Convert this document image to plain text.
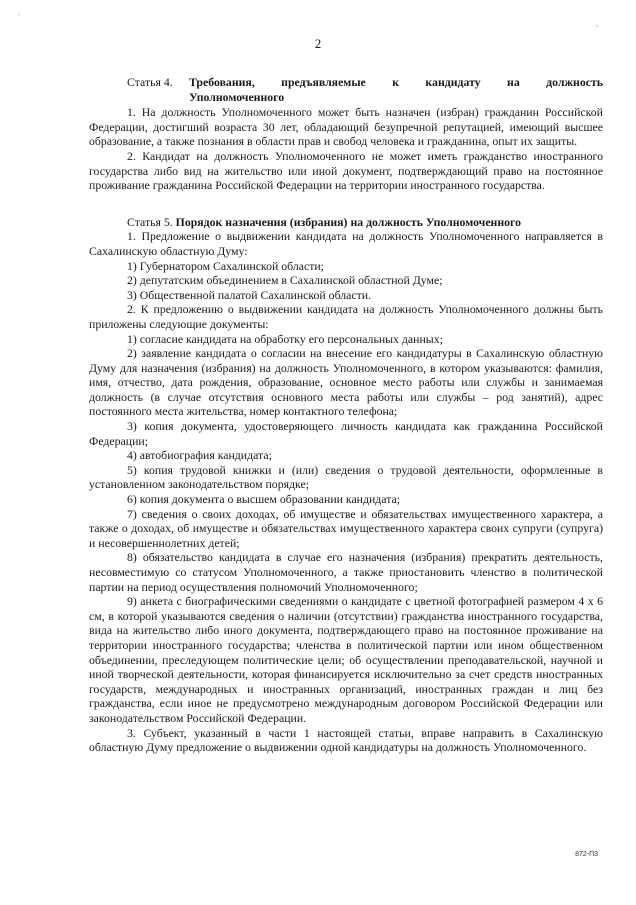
'
,
2
Статья 4.	Требования, предъявляемые к кандидату на должность
Уполномоченного

1. На должность Уполномоченного может быть назначен (избран) гражданин Российской Федерации, достигший возраста 30 лет, обладающий безупречной репутацией, имеющий высшее образование, а также познания в области прав и свобод человека и гражданина, опыт их защиты.

2. Кандидат на должность Уполномоченного не может иметь гражданство иностранного государства либо вид на жительство или иной документ, подтверждающий право на постоянное проживание гражданина Российской Федерации на территории иностранного государства.

Статья 5. Порядок назначения (избрания) на должность Уполномоченного

1. Предложение о выдвижении кандидата на должность Уполномоченного направляется в Сахалинскую областную Думу:

1) Губернатором Сахалинской области;

2) депутатским объединением в Сахалинской областной Думе;

3) Общественной палатой Сахалинской области.

2. К предложению о выдвижении кандидата на должность Уполномоченного должны быть приложены следующие документы:

1) согласие кандидата на обработку его персональных данных;

2) заявление кандидата о согласии на внесение его кандидатуры в Сахалинскую областную Думу для назначения (избрания) на должность Уполномоченного, в котором указываются: фамилия, имя, отчество, дата рождения, образование, основное место работы или службы и занимаемая должность (в случае отсутствия основного места работы или службы – род занятий), адрес постоянного места жительства, номер контактного телефона;

3) копия документа, удостоверяющего личность кандидата как гражданина Российской Федерации;

4) автобиография кандидата;

5) копия трудовой книжки и (или) сведения о трудовой деятельности, оформленные в установленном законодательством порядке;

6) копия документа о высшем образовании кандидата;

7) сведения о своих доходах, об имуществе и обязательствах имущественного характера, а также о доходах, об имуществе и обязательствах имущественного характера своих супруги (супруга) и несовершеннолетних детей;

8) обязательство кандидата в случае его назначения (избрания) прекратить деятельность, несовместимую со статусом Уполномоченного, а также приостановить членство в политической партии на период осуществления полномочий Уполномоченного;

9) анкета с биографическими сведениями о кандидате с цветной фотографией размером 4 х 6 см, в которой указываются сведения о наличии (отсутствии) гражданства иностранного государства, вида на жительство либо иного документа, подтверждающего право на постоянное проживание на территории иностранного государства; членства в политической партии или ином общественном объединении, преследующем политические цели; об осуществлении преподавательской, научной и иной творческой деятельности, которая финансируется исключительно за счет средств иностранных государств, международных и иностранных организаций, иностранных граждан и лиц без гражданства, если иное не предусмотрено международным договором Российской Федерации или законодательством Российской Федерации.

3. Субъект, указанный в части 1 настоящей статьи, вправе направить в Сахалинскую областную Думу предложение о выдвижении одной кандидатуры на должность Уполномоченного.

872-П3
